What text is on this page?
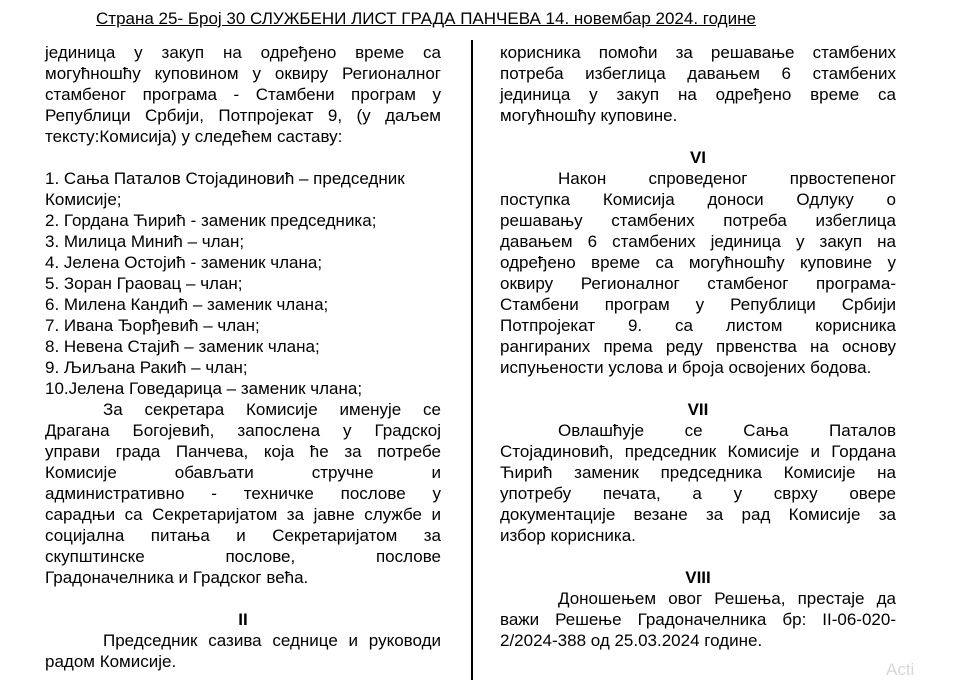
Страна 25- Број 30 СЛУЖБЕНИ ЛИСТ ГРАДА ПАНЧЕВА 14. новембар 2024. године

јединица у закуп на одређено време са

могућношћу куповином у оквиру Регионалног

стамбеног програма - Стамбени програм у

Републици Србији, Потпројекат 9, (у даљем

тексту:Комисија) у следећем саставу:

1. Сања Паталов Стојадиновић – председник

Комисије;

2. Гордана Ћирић - заменик председника;

3. Милица Минић – члан;

4. Јелена Остојић - заменик члана;

5. Зоран Граовац – члан;

6. Милена Кандић – заменик члана;

7. Ивана Ђорђевић – члан;

8. Невена Стајић – заменик члана;

9. Љиљана Ракић – члан;

10.Јелена Говедарица – заменик члана;

За секретара Комисије именује се

Драгана Богојевић, запослена у Градској

управи града Панчева, која ће за потребе

Комисије обављати стручне и

административно - техничке послове у

сарадњи са Секретаријатом за јавне службе и

социјална питања и Секретаријатом за

скупштинске послове, послове

Градоначелника и Градског већа.

II

Председник сазива седнице и руководи

радом Комисије.

корисника помоћи за решавање стамбених

потреба избеглица давањем 6 стамбених

јединица у закуп на одређено време са

могућношћу куповине.

VI

Након спроведеног првостепеног

поступка Комисија доноси Одлуку о

решавању стамбених потреба избеглица

давањем 6 стамбених јединица у закуп на

одређено време са могућношћу куповине у

оквиру Регионалног стамбеног програма-

Стамбени програм у Републици Србији

Потпројекат 9. са листом корисника

рангираних према реду првенства на основу

испуњености услова и броја освојених бодова.

VII

Овлашћује се Сања Паталов

Стојадиновић, председник Комисије и Гордана

Ћирић заменик председника Комисије на

употребу печата, а у сврху овере

документације везане за рад Комисије за

избор корисника.

VIII

Доношењем овог Решења, престаје да

важи Решење Градоначелника бр: II-06-020-

2/2024-388 од 25.03.2024 године.

Acti
